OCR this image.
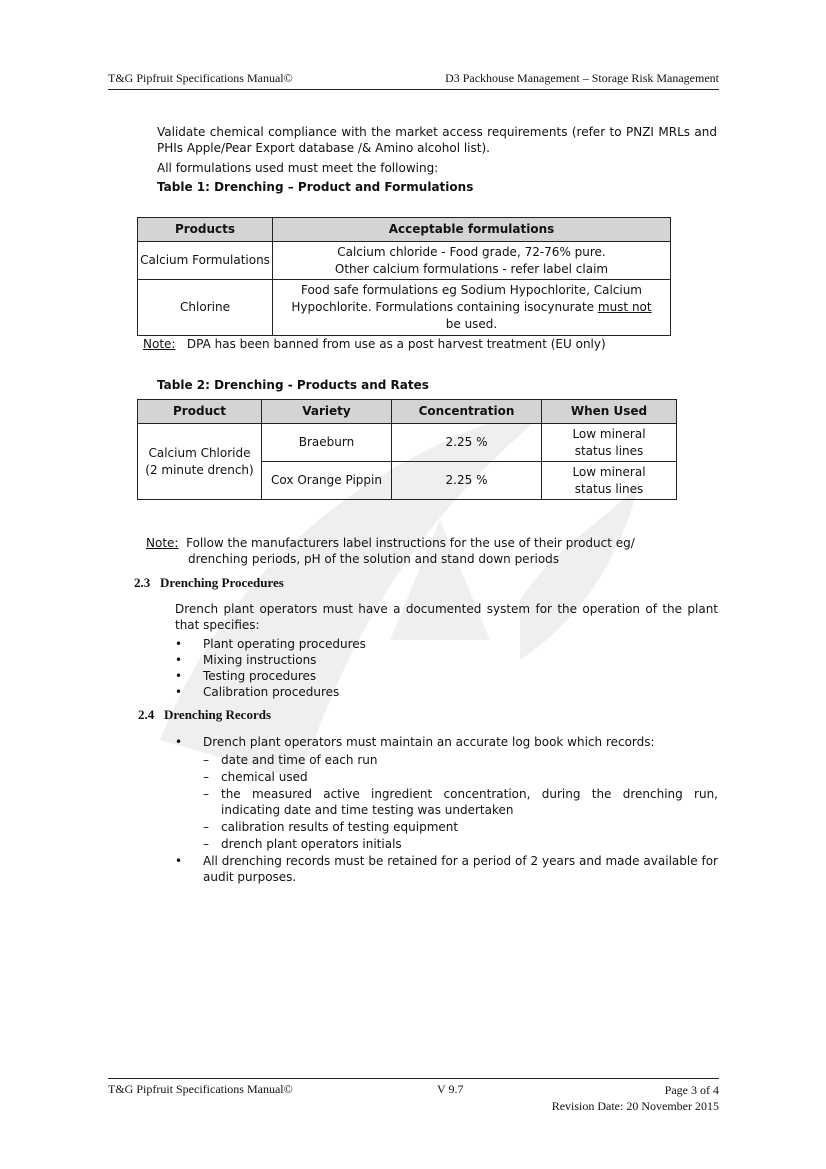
T&G Pipfruit Specifications Manual©	D3 Packhouse Management – Storage Risk Management
Validate chemical compliance with the market access requirements (refer to PNZI MRLs and PHIs Apple/Pear Export database /& Amino alcohol list).
All formulations used must meet the following:
Table 1: Drenching – Product and Formulations
Products	Acceptable formulations
Calcium Formulations	Calcium chloride - Food grade, 72-76% pure.
Other calcium formulations - refer label claim

Chlorine	Food safe formulations eg Sodium Hypochlorite, Calcium Hypochlorite. Formulations containing isocynurate must not be used.
Note: DPA has been banned from use as a post harvest treatment (EU only)
Table 2: Drenching - Products and Rates
Product	Variety	Concentration	When Used

Calcium Chloride
(2 minute drench)	Braeburn	2.25 %	Low mineral status lines
	Cox Orange Pippin	2.25 %	Low mineral status lines
Note: Follow the manufacturers label instructions for the use of their product eg/
drenching periods, pH of the solution and stand down periods
2.3 Drenching Procedures
Drench plant operators must have a documented system for the operation of the plant that specifies:
• Plant operating procedures
• Mixing instructions
• Testing procedures
• Calibration procedures
2.4 Drenching Records
• Drench plant operators must maintain an accurate log book which records:
– date and time of each run
– chemical used
– the measured active ingredient concentration, during the drenching run, indicating date and time testing was undertaken
– calibration results of testing equipment
– drench plant operators initials
• All drenching records must be retained for a period of 2 years and made available for audit purposes.
T&G Pipfruit Specifications Manual©	V 9.7	Page 3 of 4
Revision Date: 20 November 2015
